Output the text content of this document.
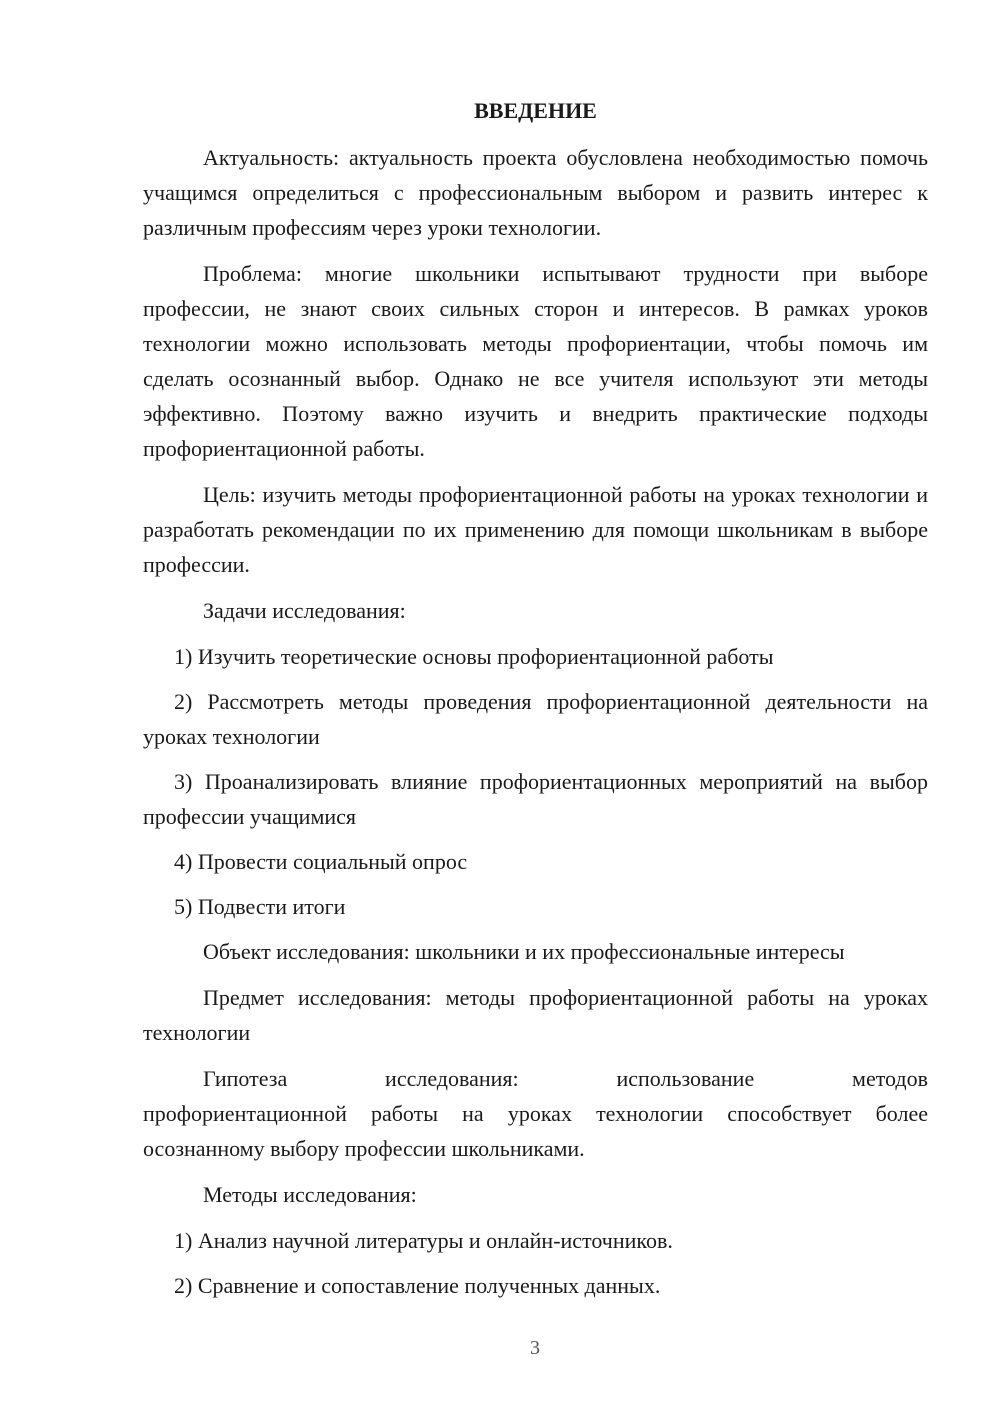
ВВЕДЕНИЕ

Актуальность: актуальность проекта обусловлена необходимостью помочь учащимся определиться с профессиональным выбором и развить интерес к различным профессиям через уроки технологии.

Проблема: многие школьники испытывают трудности при выборе профессии, не знают своих сильных сторон и интересов. В рамках уроков технологии можно использовать методы профориентации, чтобы помочь им сделать осознанный выбор. Однако не все учителя используют эти методы эффективно. Поэтому важно изучить и внедрить практические подходы профориентационной работы.

Цель: изучить методы профориентационной работы на уроках технологии и разработать рекомендации по их применению для помощи школьникам в выборе профессии.

Задачи исследования:

1) Изучить теоретические основы профориентационной работы

2) Рассмотреть методы проведения профориентационной деятельности на уроках технологии

3) Проанализировать влияние профориентационных мероприятий на выбор профессии учащимися

4) Провести социальный опрос

5) Подвести итоги

Объект исследования: школьники и их профессиональные интересы

Предмет исследования: методы профориентационной работы на уроках технологии

Гипотеза исследования: использование методов

профориентационной работы на уроках технологии способствует более осознанному выбору профессии школьниками.

Методы исследования:

1) Анализ научной литературы и онлайн-источников.

2) Сравнение и сопоставление полученных данных.

3
